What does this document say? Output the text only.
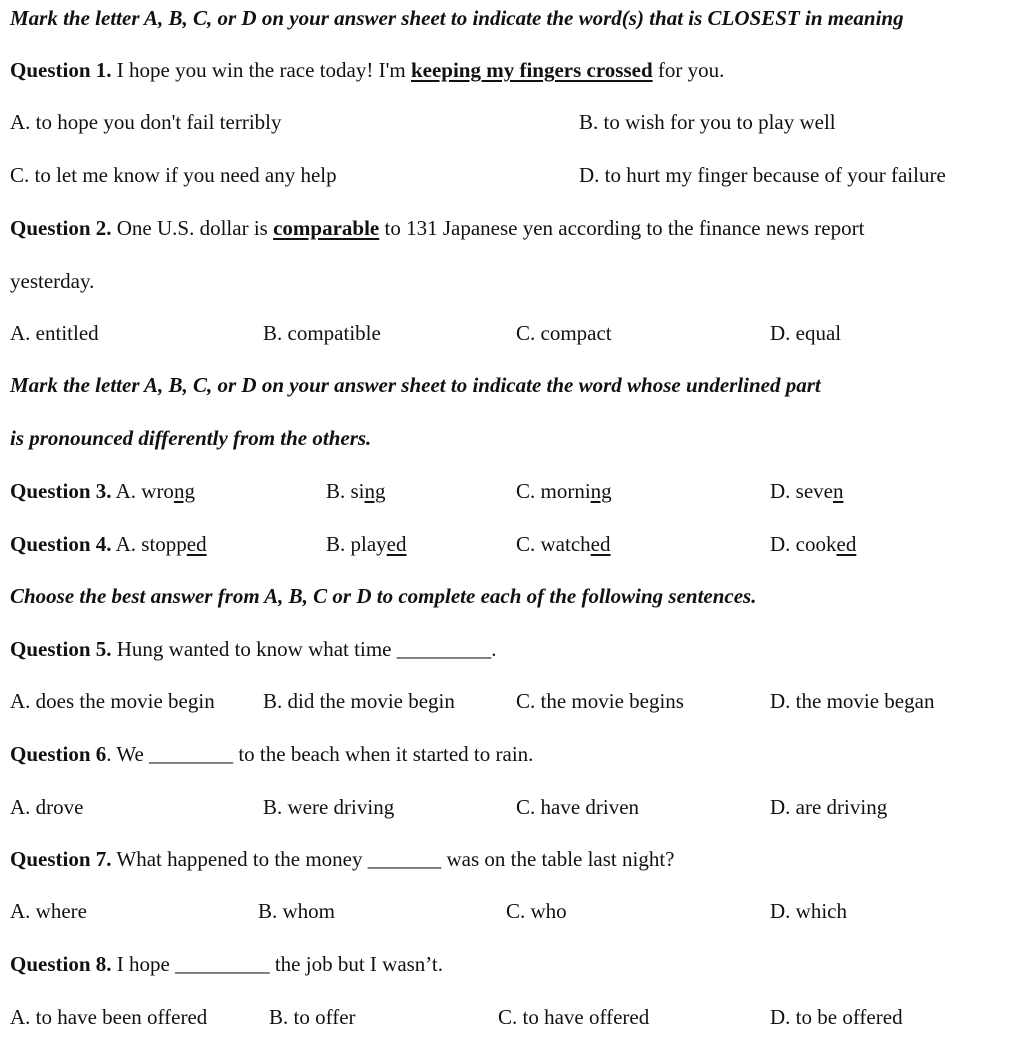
Mark the letter A, B, C, or D on your answer sheet to indicate the word(s) that is CLOSEST in meaning
Question 1. I hope you win the race today! I'm keeping my fingers crossed for you.
A. to hope you don't fail terribly	B. to wish for you to play well
C. to let me know if you need any help	D. to hurt my finger because of your failure
Question 2. One U.S. dollar is comparable to 131 Japanese yen according to the finance news report
yesterday.
A. entitled	B. compatible	C. compact	D. equal
Mark the letter A, B, C, or D on your answer sheet to indicate the word whose underlined part
is pronounced differently from the others.
Question 3. A. wrong	B. sing	C. morning	D. seven
Question 4. A. stopped	B. played	C. watched	D. cooked
Choose the best answer from A, B, C or D to complete each of the following sentences.
Question 5. Hung wanted to know what time _________.
A. does the movie begin B. did the movie begin	C. the movie begins	D. the movie began
Question 6. We ________ to the beach when it started to rain.
A. drove	B. were driving	C. have driven	D. are driving
Question 7. What happened to the money _______ was on the table last night?
A. where	B. whom	C. who	D. which
Question 8. I hope _________ the job but I wasn’t.
A. to have been offered	B. to offer	C. to have offered	D. to be offered
